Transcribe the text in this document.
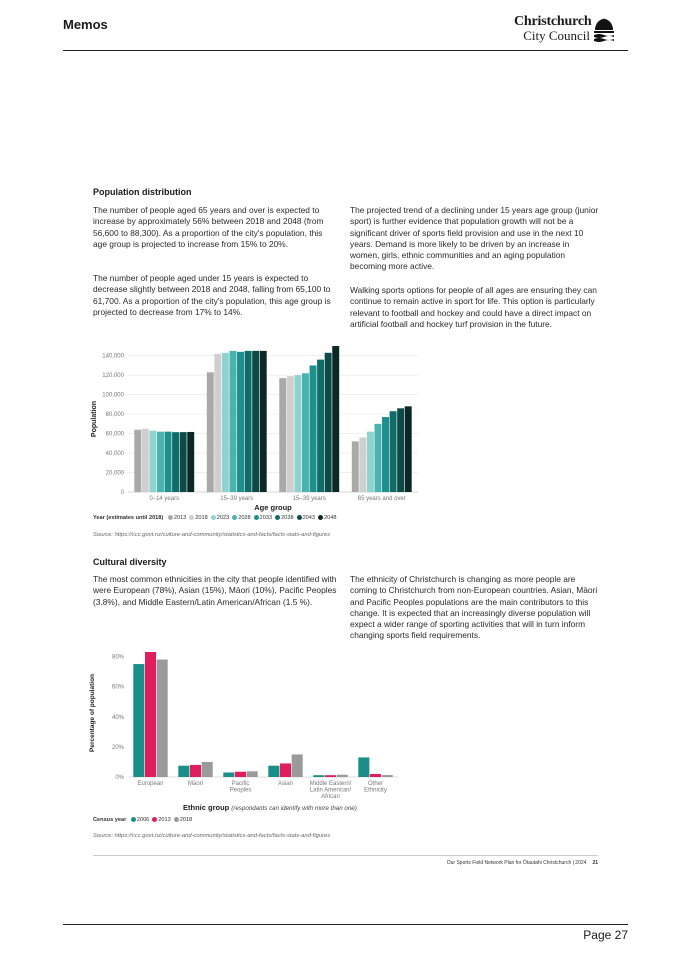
Memos	Christchurch
City Council
Population distribution

The number of people aged 65 years and over is expected to increase by approximately 56% between 2018 and 2048 (from 56,600 to 88,300). As a proportion of the city's population, this age group is projected to increase from 15% to 20%.

The number of people aged under 15 years is expected to decrease slightly between 2018 and 2048, falling from 65,100 to 61,700. As a proportion of the city's population, this age group is projected to decrease from 17% to 14%.

The projected trend of a declining under 15 years age group (junior sport) is further evidence that population growth will not be a significant driver of sports field provision and use in the next 10 years. Demand is more likely to be driven by an increase in women, girls, ethnic communities and an aging population becoming more active.

Walking sports options for people of all ages are ensuring they can continue to remain active in sport for life. This option is particularly relevant to football and hockey and could have a direct impact on artificial football and hockey turf provision in the future.

0
20,000
40,000
60,000
80,000
100,000
120,000
140,000
Population
0–14 years	15–39 years	15–39 years	65 years and over
Age group
Year (estimates until 2018) 2013 2018 2023 2028 2033 2038 2043 2048
Source: https://ccc.govt.nz/culture-and-community/statistics-and-facts/facts-stats-and-figures
Cultural diversity

The most common ethnicities in the city that people identified with were European (78%), Asian (15%), Māori (10%), Pacific Peoples (3.8%), and Middle Eastern/Latin American/African (1.5 %).

The ethnicity of Christchurch is changing as more people are coming to Christchurch from non-European countries. Asian, Māori and Pacific Peoples populations are the main contributors to this change. It is expected that an increasingly diverse population will expect a wider range of sporting activities that will in turn inform changing sports field requirements.

0%
20%
40%
60%
80%
Percentage of population
European	Māori	Pacific Peoples
Asian	Middle Eastern/ Latin American/ African
Other Ethnicity
Ethnic group (respondants can identify with more than one)
Census year 2006 2013 2018
Source: https://ccc.govt.nz/culture-and-community/statistics-and-facts/facts-stats-and-figures
Our Sports Field Network Plan for Ōtautahi Christchurch | 2024 21
Page 27
